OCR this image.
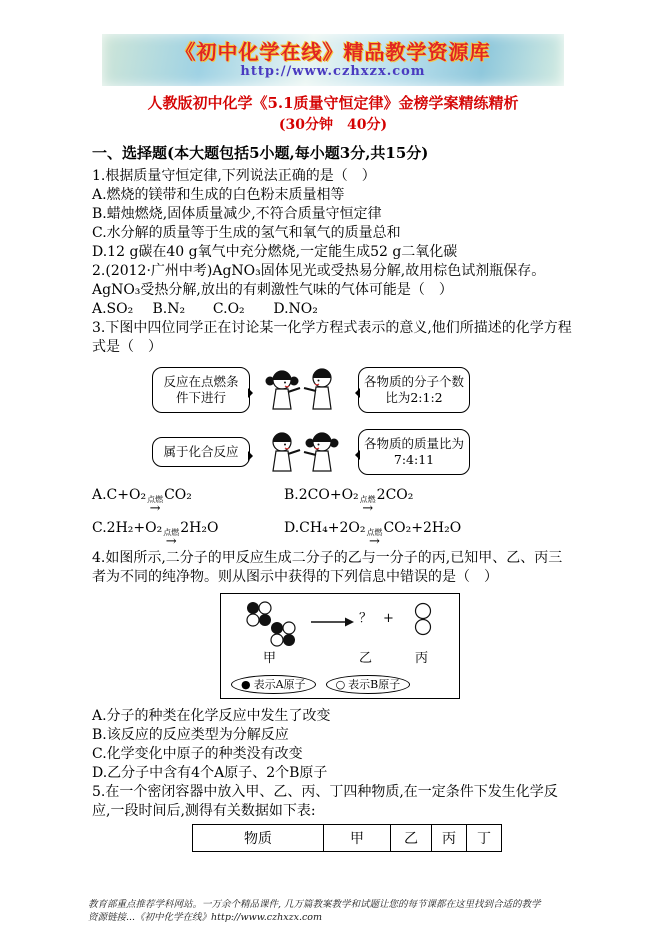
《初中化学在线》精品教学资源库
http://www.czhxzx.com
人教版初中化学《5.1质量守恒定律》金榜学案精练精析
(30分钟　40分)
一、选择题(本大题包括5小题,每小题3分,共15分)
1.根据质量守恒定律,下列说法正确的是（　）
A.燃烧的镁带和生成的白色粉末质量相等
B.蜡烛燃烧,固体质量减少,不符合质量守恒定律
C.水分解的质量等于生成的氢气和氧气的质量总和
D.12 g碳在40 g氧气中充分燃烧,一定能生成52 g二氧化碳
2.(2012·广州中考)AgNO₃固体见光或受热易分解,故用棕色试剂瓶保存。AgNO₃受热分解,放出的有刺激性气味的气体可能是（　）
A.SO₂ B.N₂ C.O₂ D.NO₂
3.下图中四位同学正在讨论某一化学方程式表示的意义,他们所描述的化学方程式是（　）
反应在点燃条件下进行
各物质的分子个数比为2:1:2
属于化合反应
各物质的质量比为7:4:11
A.C+O₂ 点燃
→
CO₂	B.2CO+O₂ 点燃
→
2CO₂
C.2H₂+O₂ 点燃
→
2H₂O	D.CH₄+2O₂ 点燃
→
CO₂+2H₂O
4.如图所示,二分子的甲反应生成二分子的乙与一分子的丙,已知甲、乙、丙三者为不同的纯净物。则从图示中获得的下列信息中错误的是（　）
？ +
甲	乙	丙
● 表示A原子	○ 表示B原子
A.分子的种类在化学反应中发生了改变
B.该反应的反应类型为分解反应
C.化学变化中原子的种类没有改变
D.乙分子中含有4个A原子、2个B原子
5.在一个密闭容器中放入甲、乙、丙、丁四种物质,在一定条件下发生化学反应,一段时间后,测得有关数据如下表:
物质	甲	乙	丙	丁
教育部重点推荐学科网站。一万余个精品课件, 几万篇教案教学和试题让您的每节课都在这里找到合适的教学
资源链接...《初中化学在线》http://www.czhxzx.com
